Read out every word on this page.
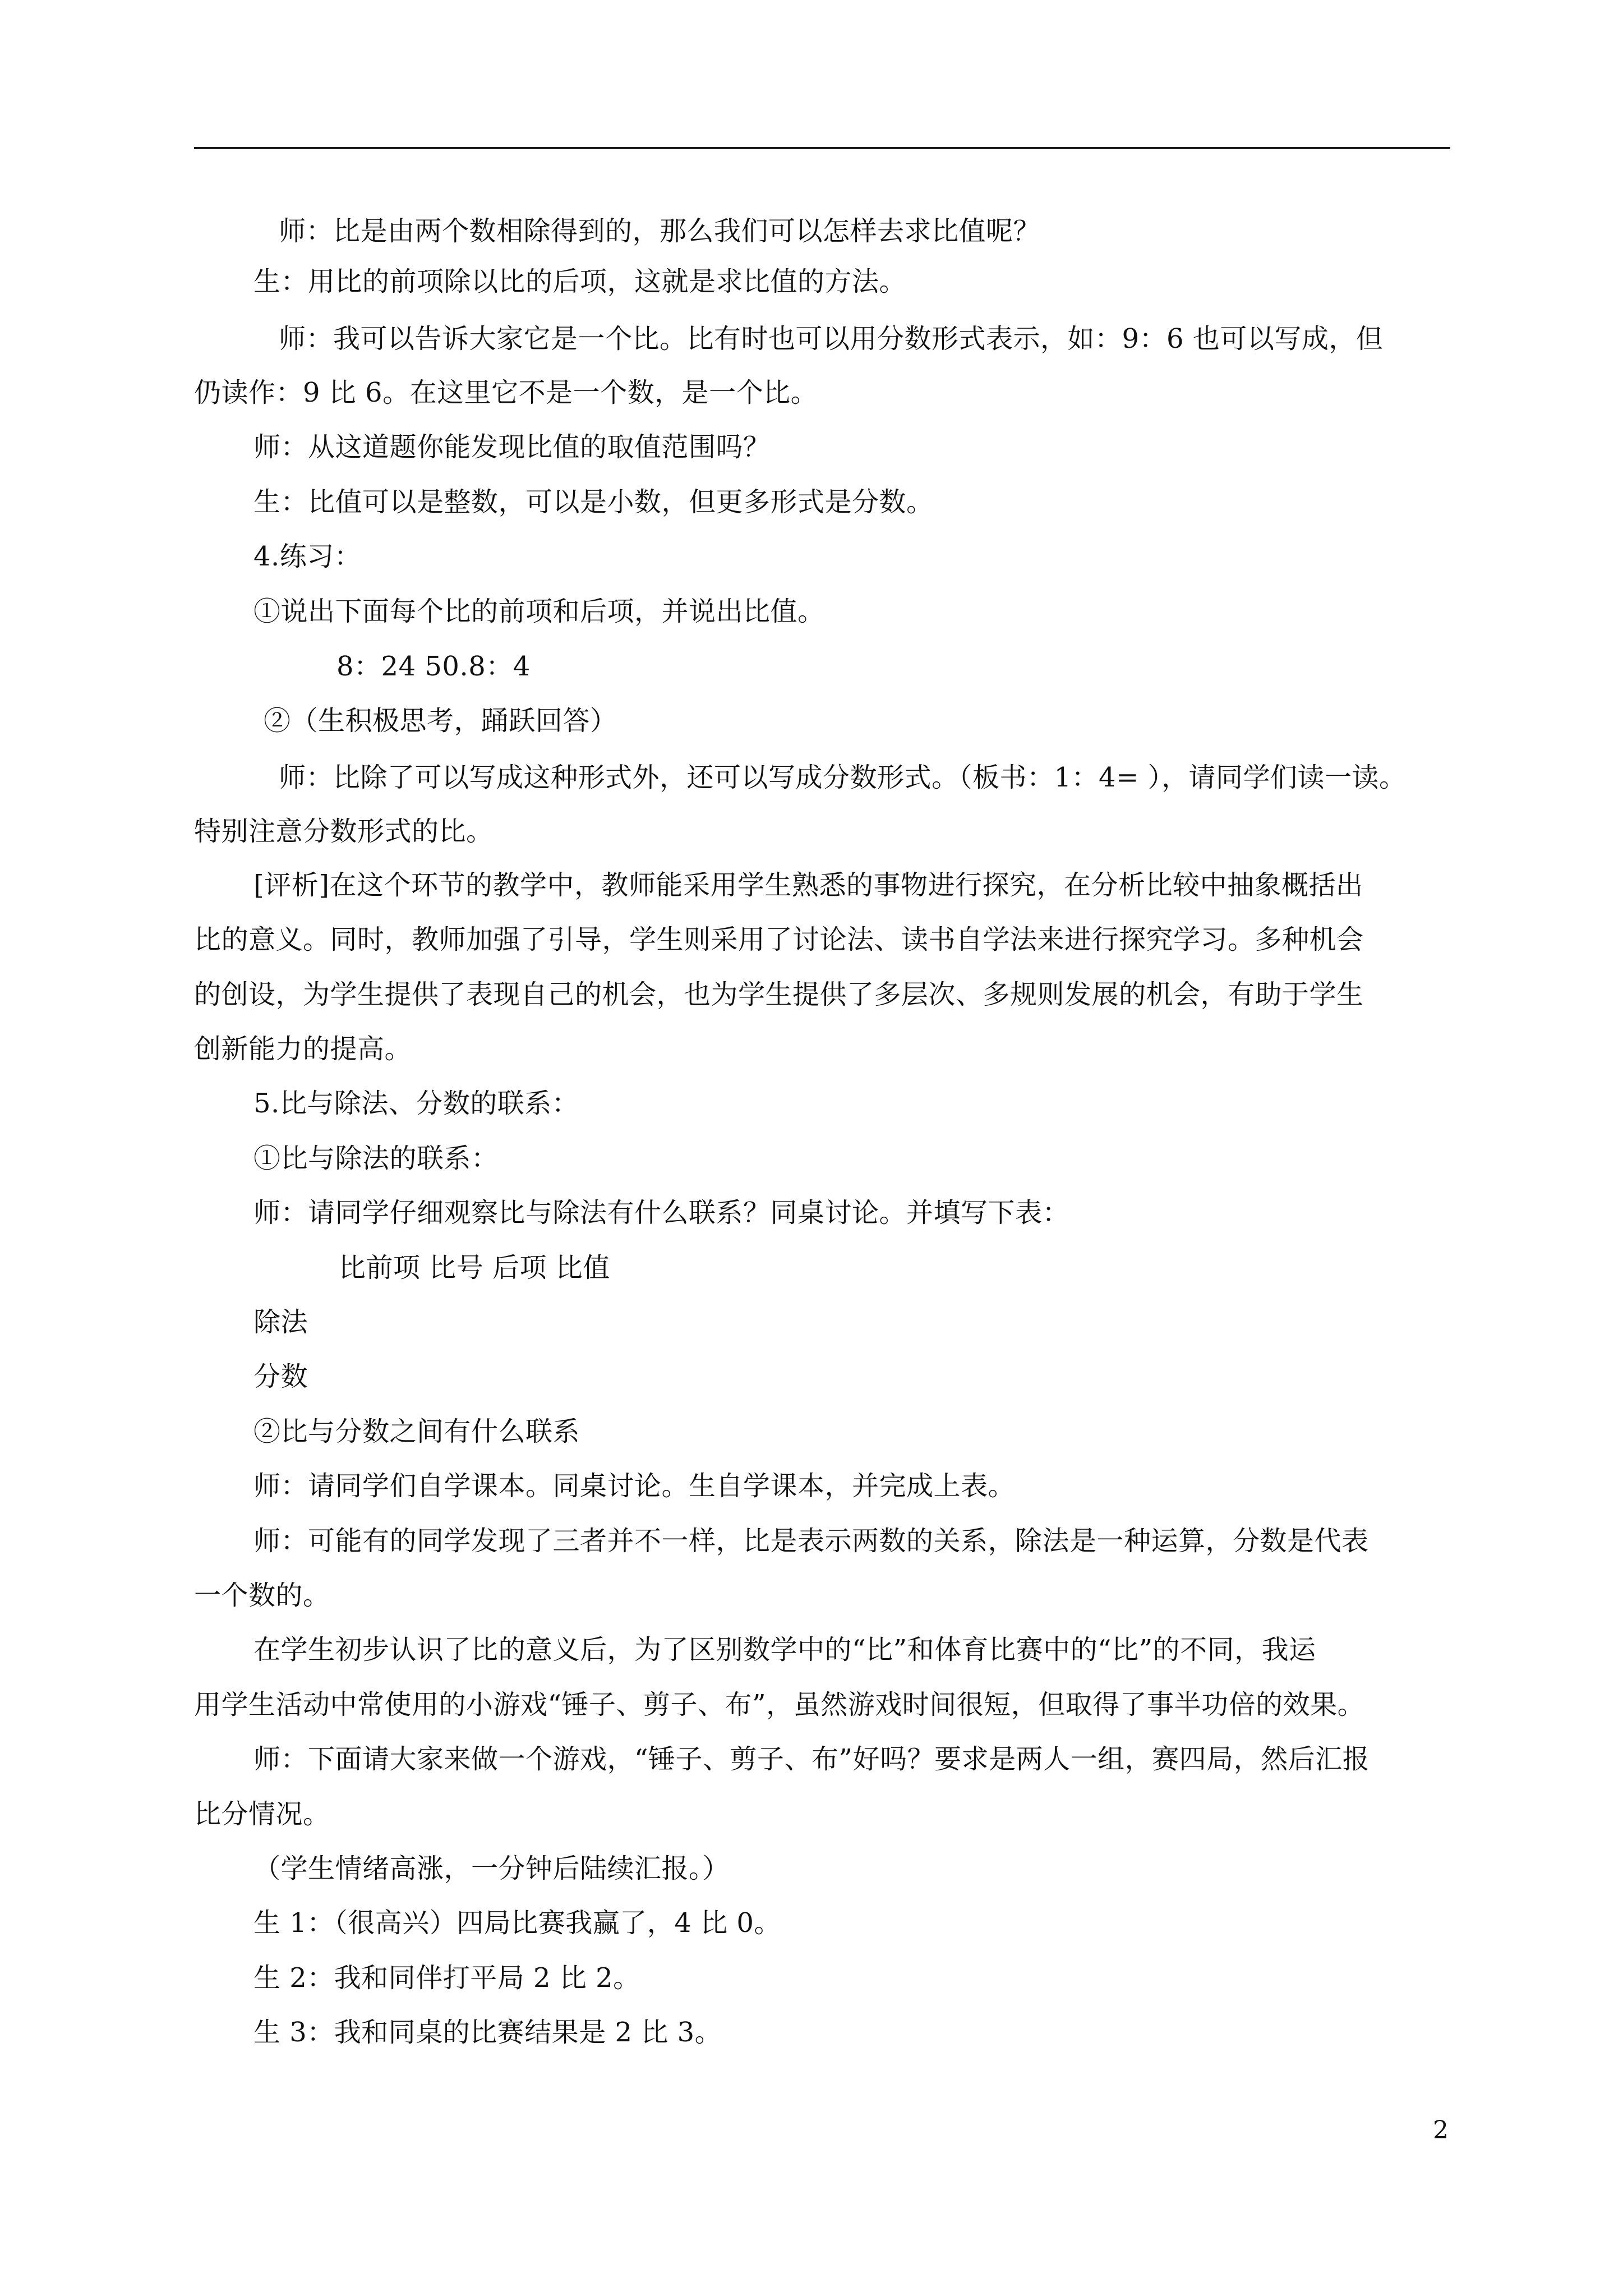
师：比是由两个数相除得到的，那么我们可以怎样去求比值呢？
生：用比的前项除以比的后项，这就是求比值的方法。
师：我可以告诉大家它是一个比。比有时也可以用分数形式表示，如：9：6 也可以写成，但
仍读作：9 比 6。在这里它不是一个数，是一个比。
师：从这道题你能发现比值的取值范围吗？
生：比值可以是整数，可以是小数，但更多形式是分数。
4.练习：
①说出下面每个比的前项和后项，并说出比值。
8：24 50.8：4
②（生积极思考，踊跃回答）
师：比除了可以写成这种形式外，还可以写成分数形式。（板书：1：4= ），请同学们读一读。
特别注意分数形式的比。
[评析]在这个环节的教学中，教师能采用学生熟悉的事物进行探究，在分析比较中抽象概括出
比的意义。同时，教师加强了引导，学生则采用了讨论法、读书自学法来进行探究学习。多种机会
的创设，为学生提供了表现自己的机会，也为学生提供了多层次、多规则发展的机会，有助于学生
创新能力的提高。
5.比与除法、分数的联系：
①比与除法的联系：
师：请同学仔细观察比与除法有什么联系？同桌讨论。并填写下表：
比前项 比号 后项 比值
除法
分数
②比与分数之间有什么联系
师：请同学们自学课本。同桌讨论。生自学课本，并完成上表。
师：可能有的同学发现了三者并不一样，比是表示两数的关系，除法是一种运算，分数是代表
一个数的。
在学生初步认识了比的意义后，为了区别数学中的“比”和体育比赛中的“比”的不同，我运
用学生活动中常使用的小游戏“锤子、剪子、布”，虽然游戏时间很短，但取得了事半功倍的效果。
师：下面请大家来做一个游戏，“锤子、剪子、布”好吗？要求是两人一组，赛四局，然后汇报
比分情况。
（学生情绪高涨，一分钟后陆续汇报。）
生 1：（很高兴）四局比赛我赢了，4 比 0。
生 2：我和同伴打平局 2 比 2。
生 3：我和同桌的比赛结果是 2 比 3。
2
